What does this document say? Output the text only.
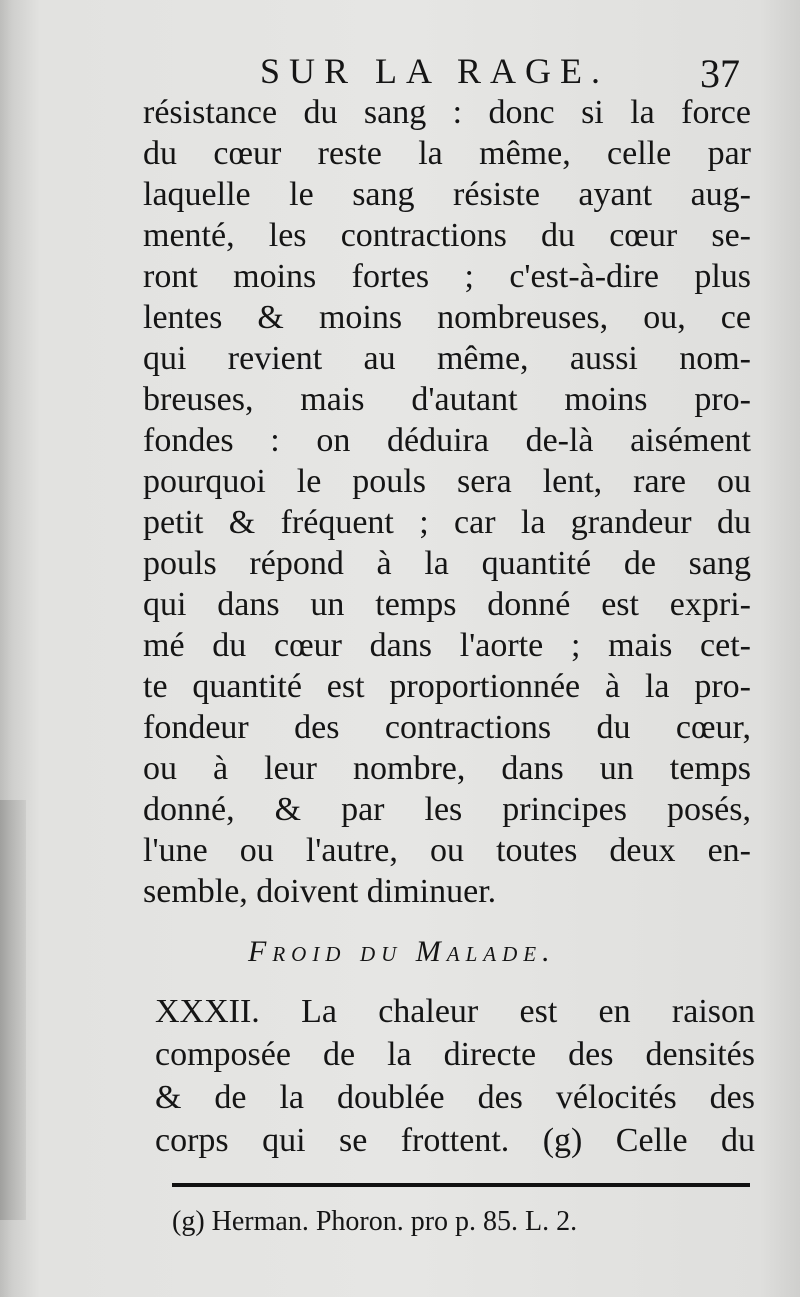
SUR LA RAGE. 37
résistance du sang : donc si la force
du cœur reste la même, celle par
laquelle le sang résiste ayant aug-
menté, les contractions du cœur se-
ront moins fortes ; c'est-à-dire plus
lentes & moins nombreuses, ou, ce
qui revient au même, aussi nom-
breuses, mais d'autant moins pro-
fondes : on déduira de-là aisément
pourquoi le pouls sera lent, rare ou
petit & fréquent ; car la grandeur du
pouls répond à la quantité de sang
qui dans un temps donné est expri-
mé du cœur dans l'aorte ; mais cet-
te quantité est proportionnée à la pro-
fondeur des contractions du cœur,
ou à leur nombre, dans un temps
donné, & par les principes posés,
l'une ou l'autre, ou toutes deux en-
semble, doivent diminuer.
Froid du Malade.
XXXII. La chaleur est en raison
composée de la directe des densités
& de la doublée des vélocités des
corps qui se frottent. (g) Celle du
(g) Herman. Phoron. pro p. 85. L. 2.
